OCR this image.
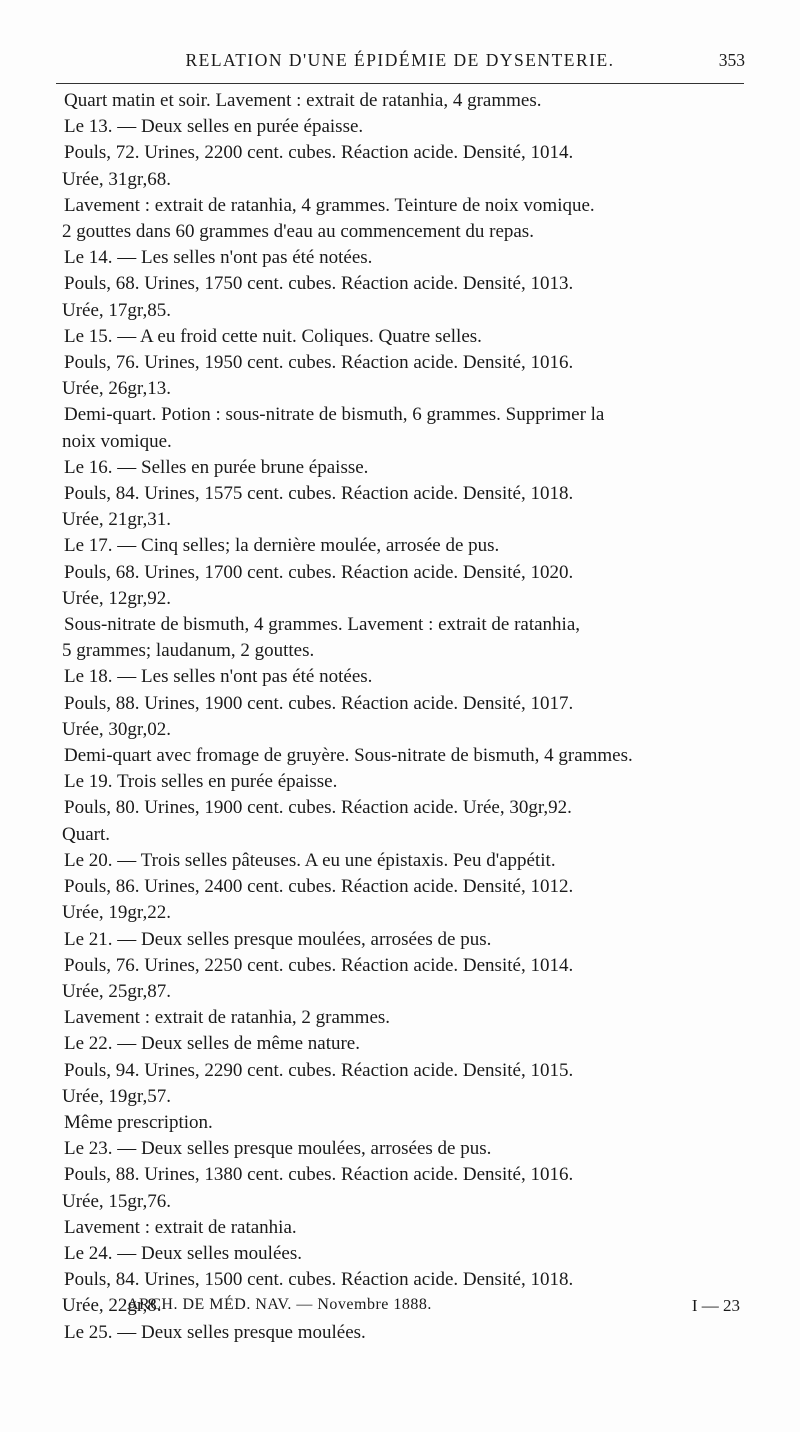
RELATION D'UNE ÉPIDÉMIE DE DYSENTERIE.	353

Quart matin et soir. Lavement : extrait de ratanhia, 4 grammes.

Le 13. — Deux selles en purée épaisse.

Pouls, 72. Urines, 2200 cent. cubes. Réaction acide. Densité, 1014.

Urée, 31gr,68.

Lavement : extrait de ratanhia, 4 grammes. Teinture de noix vomique.

2 gouttes dans 60 grammes d'eau au commencement du repas.

Le 14. — Les selles n'ont pas été notées.

Pouls, 68. Urines, 1750 cent. cubes. Réaction acide. Densité, 1013.

Urée, 17gr,85.

Le 15. — A eu froid cette nuit. Coliques. Quatre selles.

Pouls, 76. Urines, 1950 cent. cubes. Réaction acide. Densité, 1016.

Urée, 26gr,13.

Demi-quart. Potion : sous-nitrate de bismuth, 6 grammes. Supprimer la

noix vomique.

Le 16. — Selles en purée brune épaisse.

Pouls, 84. Urines, 1575 cent. cubes. Réaction acide. Densité, 1018.

Urée, 21gr,31.

Le 17. — Cinq selles; la dernière moulée, arrosée de pus.

Pouls, 68. Urines, 1700 cent. cubes. Réaction acide. Densité, 1020.

Urée, 12gr,92.

Sous-nitrate de bismuth, 4 grammes. Lavement : extrait de ratanhia,

5 grammes; laudanum, 2 gouttes.

Le 18. — Les selles n'ont pas été notées.

Pouls, 88. Urines, 1900 cent. cubes. Réaction acide. Densité, 1017.

Urée, 30gr,02.

Demi-quart avec fromage de gruyère. Sous-nitrate de bismuth, 4 grammes.

Le 19. Trois selles en purée épaisse.

Pouls, 80. Urines, 1900 cent. cubes. Réaction acide. Urée, 30gr,92.

Quart.

Le 20. — Trois selles pâteuses. A eu une épistaxis. Peu d'appétit.

Pouls, 86. Urines, 2400 cent. cubes. Réaction acide. Densité, 1012.

Urée, 19gr,22.

Le 21. — Deux selles presque moulées, arrosées de pus.

Pouls, 76. Urines, 2250 cent. cubes. Réaction acide. Densité, 1014.

Urée, 25gr,87.

Lavement : extrait de ratanhia, 2 grammes.

Le 22. — Deux selles de même nature.

Pouls, 94. Urines, 2290 cent. cubes. Réaction acide. Densité, 1015.

Urée, 19gr,57.

Même prescription.

Le 23. — Deux selles presque moulées, arrosées de pus.

Pouls, 88. Urines, 1380 cent. cubes. Réaction acide. Densité, 1016.

Urée, 15gr,76.

Lavement : extrait de ratanhia.

Le 24. — Deux selles moulées.

Pouls, 84. Urines, 1500 cent. cubes. Réaction acide. Densité, 1018.

Urée, 22gr,8.

Le 25. — Deux selles presque moulées.

ARCH. DE MÉD. NAV. — Novembre 1888.	I — 23
